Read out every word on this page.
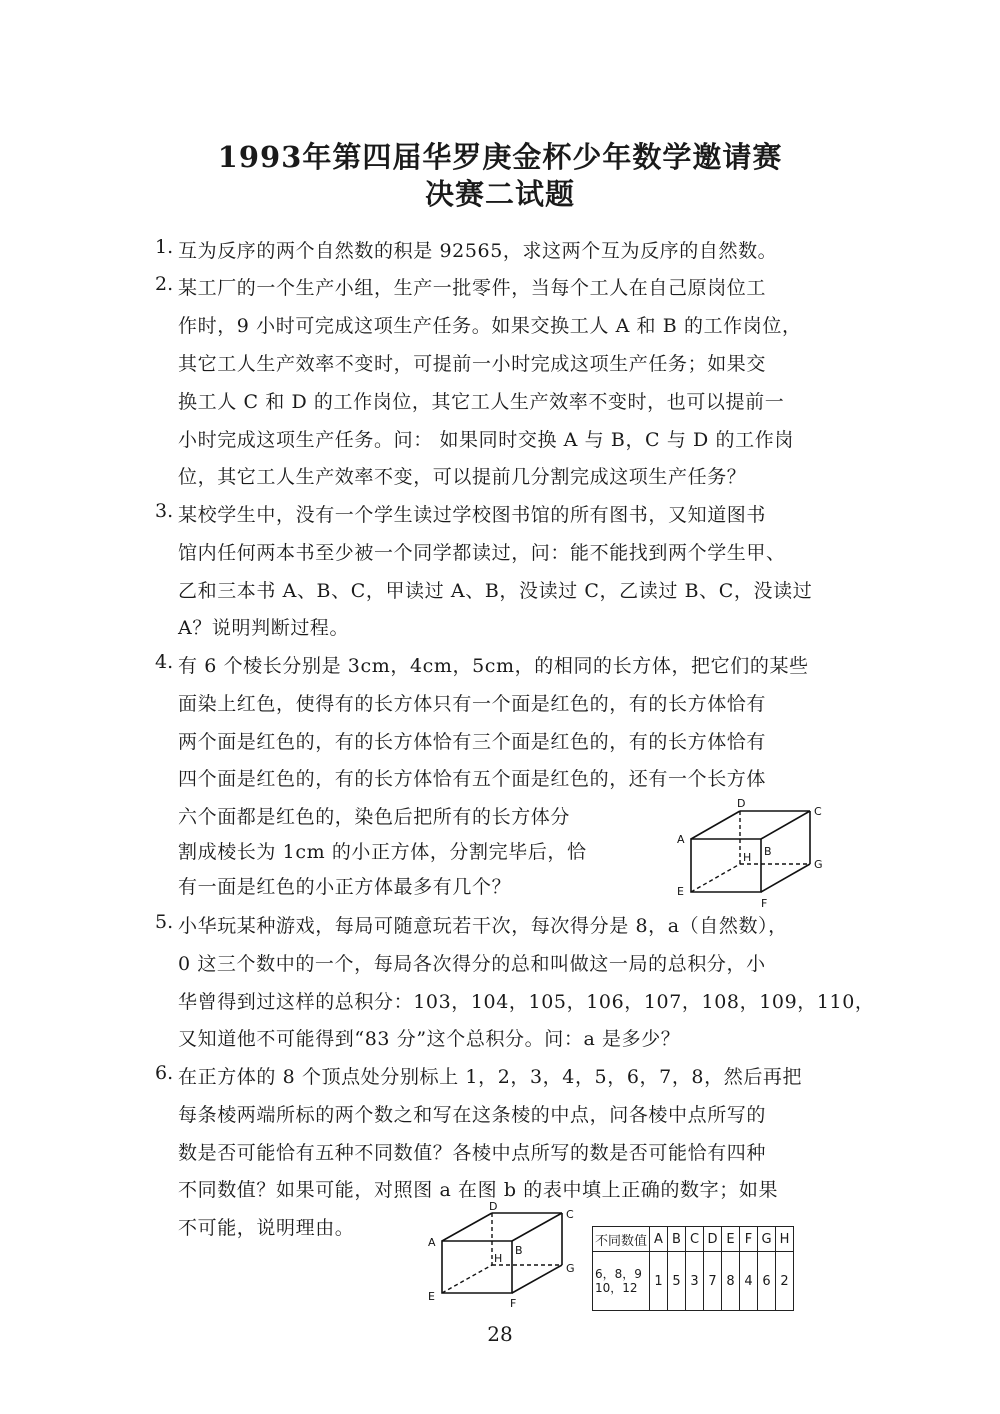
1993年第四届华罗庚金杯少年数学邀请赛
决赛二试题
1. 互为反序的两个自然数的积是 92565，求这两个互为反序的自然数。
2. 某工厂的一个生产小组，生产一批零件，当每个工人在自己原岗位工
作时，9 小时可完成这项生产任务。如果交换工人 A 和 B 的工作岗位，
其它工人生产效率不变时，可提前一小时完成这项生产任务；如果交
换工人 C 和 D 的工作岗位，其它工人生产效率不变时，也可以提前一
小时完成这项生产任务。问： 如果同时交换 A 与 B，C 与 D 的工作岗
位，其它工人生产效率不变，可以提前几分割完成这项生产任务？
3. 某校学生中，没有一个学生读过学校图书馆的所有图书，又知道图书
馆内任何两本书至少被一个同学都读过，问：能不能找到两个学生甲、
乙和三本书 A、B、C，甲读过 A、B，没读过 C，乙读过 B、C，没读过
A？说明判断过程。
4. 有 6 个棱长分别是 3cm，4cm，5cm，的相同的长方体，把它们的某些
面染上红色，使得有的长方体只有一个面是红色的，有的长方体恰有
两个面是红色的，有的长方体恰有三个面是红色的，有的长方体恰有
四个面是红色的，有的长方体恰有五个面是红色的，还有一个长方体
六个面都是红色的，染色后把所有的长方体分
割成棱长为 1cm 的小正方体，分割完毕后，恰
有一面是红色的小正方体最多有几个？
D
C
A
B
H
G
E
F
5. 小华玩某种游戏，每局可随意玩若干次，每次得分是 8，a（自然数），
0 这三个数中的一个，每局各次得分的总和叫做这一局的总积分，小
华曾得到过这样的总积分：103，104，105，106，107，108，109，110，
又知道他不可能得到“83 分”这个总积分。问：a 是多少？
6. 在正方体的 8 个顶点处分别标上 1，2，3，4，5，6，7，8，然后再把
每条棱两端所标的两个数之和写在这条棱的中点，问各棱中点所写的
数是否可能恰有五种不同数值？各棱中点所写的数是否可能恰有四种
不同数值？如果可能，对照图 a 在图 b 的表中填上正确的数字；如果
不可能，说明理由。
D
C
A
B
H
G
E
F
不同数值	A	B	C	D	E	F	G	H

6，8，9
10，12	1	5	3	7	8	4	6	2
28
